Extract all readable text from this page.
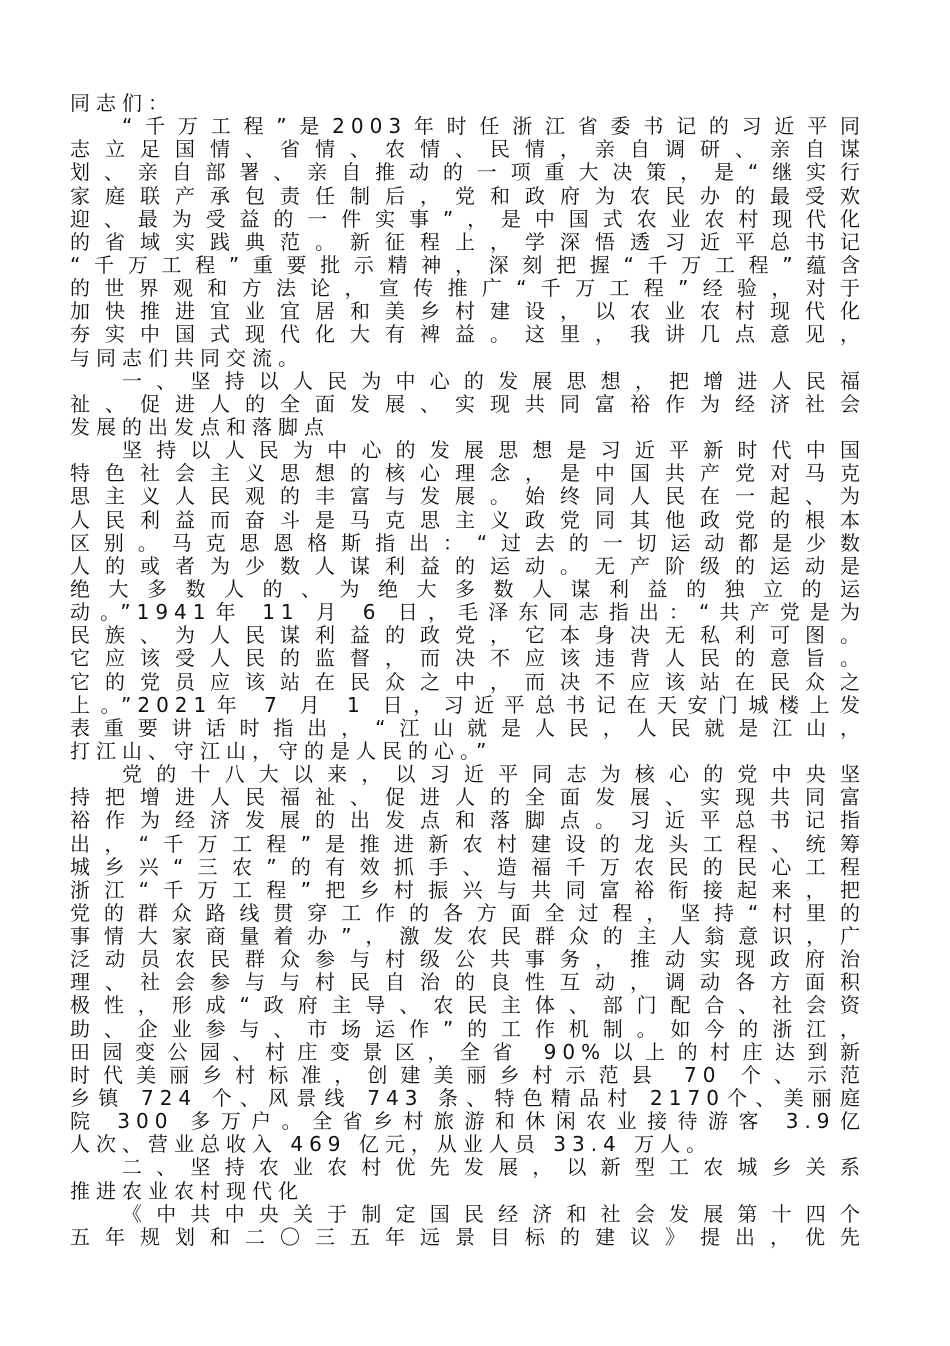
同志们：
“千万工程”是2003年时任浙江省委书记的习近平同
志立足国情、省情、农情、民情，亲自调研、亲自谋
划、亲自部署、亲自推动的一项重大决策，是“继实行
家庭联产承包责任制后，党和政府为农民办的最受欢
迎、最为受益的一件实事”，是中国式农业农村现代化
的省域实践典范。新征程上，学深悟透习近平总书记
“千万工程”重要批示精神，深刻把握“千万工程”蕴含
的世界观和方法论，宣传推广“千万工程”经验，对于
加快推进宜业宜居和美乡村建设，以农业农村现代化
夯实中国式现代化大有裨益。这里，我讲几点意见，
与同志们共同交流。
一、坚持以人民为中心的发展思想，把增进人民福
祉、促进人的全面发展、实现共同富裕作为经济社会
发展的出发点和落脚点
坚持以人民为中心的发展思想是习近平新时代中国
特色社会主义思想的核心理念，是中国共产党对马克
思主义人民观的丰富与发展。始终同人民在一起、为
人民利益而奋斗是马克思主义政党同其他政党的根本
区别。马克思恩格斯指出：“过去的一切运动都是少数
人的或者为少数人谋利益的运动。无产阶级的运动是
绝大多数人的、为绝大多数人谋利益的独立的运
动。”1941年 11 月 6 日，毛泽东同志指出：“共产党是为
民族、为人民谋利益的政党，它本身决无私利可图。
它应该受人民的监督，而决不应该违背人民的意旨。
它的党员应该站在民众之中，而决不应该站在民众之
上。”2021年 7 月 1 日，习近平总书记在天安门城楼上发
表重要讲话时指出，“江山就是人民，人民就是江山，
打江山、守江山，守的是人民的心。”
党的十八大以来，以习近平同志为核心的党中央坚
持把增进人民福祉、促进人的全面发展、实现共同富
裕作为经济发展的出发点和落脚点。习近平总书记指
出，“千万工程”是推进新农村建设的龙头工程、统筹
城乡兴“三农”的有效抓手、造福千万农民的民心工程
浙江“千万工程”把乡村振兴与共同富裕衔接起来，把
党的群众路线贯穿工作的各方面全过程，坚持“村里的
事情大家商量着办”，激发农民群众的主人翁意识，广
泛动员农民群众参与村级公共事务，推动实现政府治
理、社会参与与村民自治的良性互动，调动各方面积
极性，形成“政府主导、农民主体、部门配合、社会资
助、企业参与、市场运作”的工作机制。如今的浙江，
田园变公园、村庄变景区，全省 90%以上的村庄达到新
时代美丽乡村标准，创建美丽乡村示范县 70 个、示范
乡镇 724 个、风景线 743 条、特色精品村 2170个、美丽庭
院 300 多万户。全省乡村旅游和休闲农业接待游客 3.9亿
人次、营业总收入 469 亿元，从业人员 33.4 万人。
二、坚持农业农村优先发展，以新型工农城乡关系
推进农业农村现代化
《中共中央关于制定国民经济和社会发展第十四个
五年规划和二〇三五年远景目标的建议》提出，优先
